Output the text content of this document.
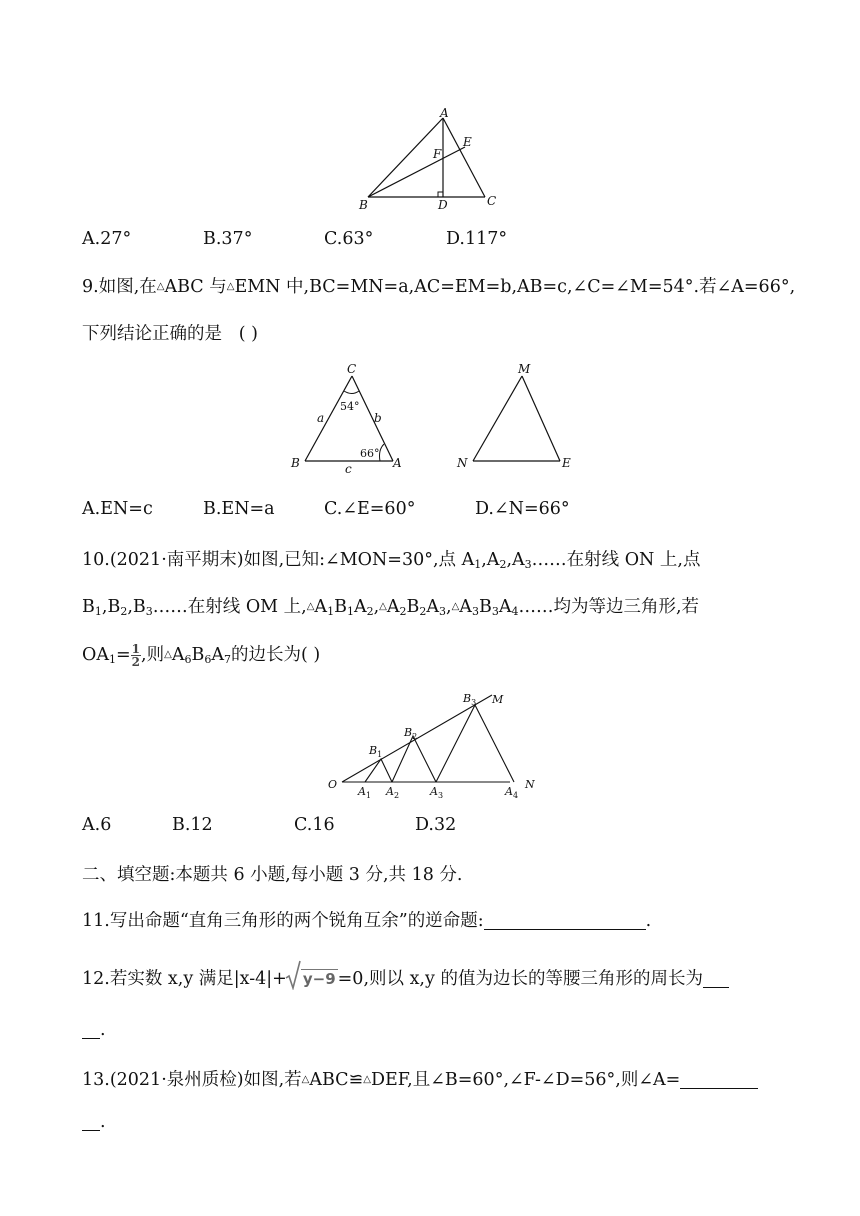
A
E
F
B	D	C
A.27°	B.37°	C.63°	D.117°
9.如图,在△ABC 与△EMN 中,BC=MN=a,AC=EM=b,AB=c,∠C=∠M=54°.若∠A=66°,
下列结论正确的是 ( )
C
54°
a	b
66°
B	A
c
M
N	E
A.EN=c	B.EN=a	C.∠E=60°	D.∠N=66°
10.(2021·南平期末)如图,已知:∠MON=30°,点 $A_1,A_2,A_3\dots\dots$在射线 ON 上,点
$B_1,B_2,B_3\dots\dots$在射线 OM 上$,\triangle A_1B_1A_2,\triangle A_2B_2A_3,\triangle A_3B_3A_4\dots\dots$均为等边三角形,若
$OA_1= \frac{1}{2}$ ,则$\triangle A_6B_6A_7$的边长为( )
O
M
N
$B_1$
$B_2$
$B_3$
$A_1$ $A_2$	$A_3$	$A_4$
A.6	B.12	C.16	D.32
二、填空题:本题共 6 小题,每小题 3 分,共 18 分.
11.写出命题“直角三角形的两个锐角互余”的逆命题:	.
12.若实数 x,y 满足|x-4|+ y−9 =0,则以 x,y 的值为边长的等腰三角形的周长为
.
13.(2021·泉州质检)如图,若△ABC≌△DEF,且∠B=60°,∠F-∠D=56°,则∠A=
.
